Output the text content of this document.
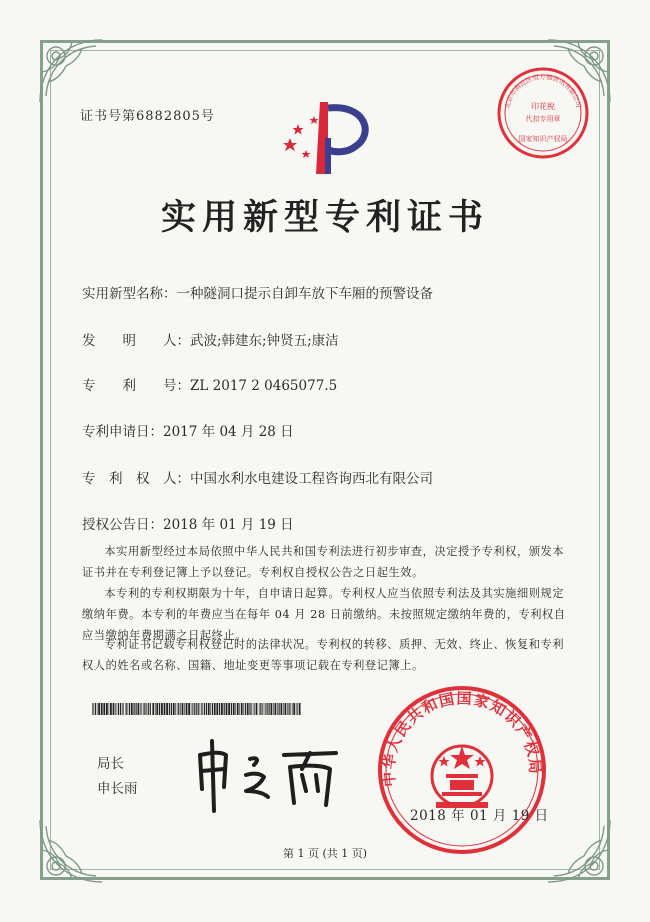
证书号第6882805号
印花税
代扣专用章
北京市海淀区恒方德资讯有限公司
国家知识产权局
实用新型专利证书
实用新型名称：一种隧洞口提示自卸车放下车厢的预警设备
发　　明　　人：武波;韩建东;钟贤五;康洁
专　　利　　号：ZL 2017 2 0465077.5
专利申请日：2017 年 04 月 28 日
专　利　权　人：中国水利水电建设工程咨询西北有限公司
授权公告日：2018 年 01 月 19 日
本实用新型经过本局依照中华人民共和国专利法进行初步审查，决定授予专利权，颁发本证书并在专利登记簿上予以登记。专利权自授权公告之日起生效。
本专利的专利权期限为十年，自申请日起算。专利权人应当依照专利法及其实施细则规定缴纳年费。本专利的年费应当在每年 04 月 28 日前缴纳。未按照规定缴纳年费的，专利权自应当缴纳年费期满之日起终止。
专利证书记载专利权登记时的法律状况。专利权的转移、质押、无效、终止、恢复和专利权人的姓名或名称、国籍、地址变更等事项记载在专利登记簿上。
局长
申长雨
中华人民共和国国家知识产权局
2018 年 01 月 19 日
第 1 页 (共 1 页)
